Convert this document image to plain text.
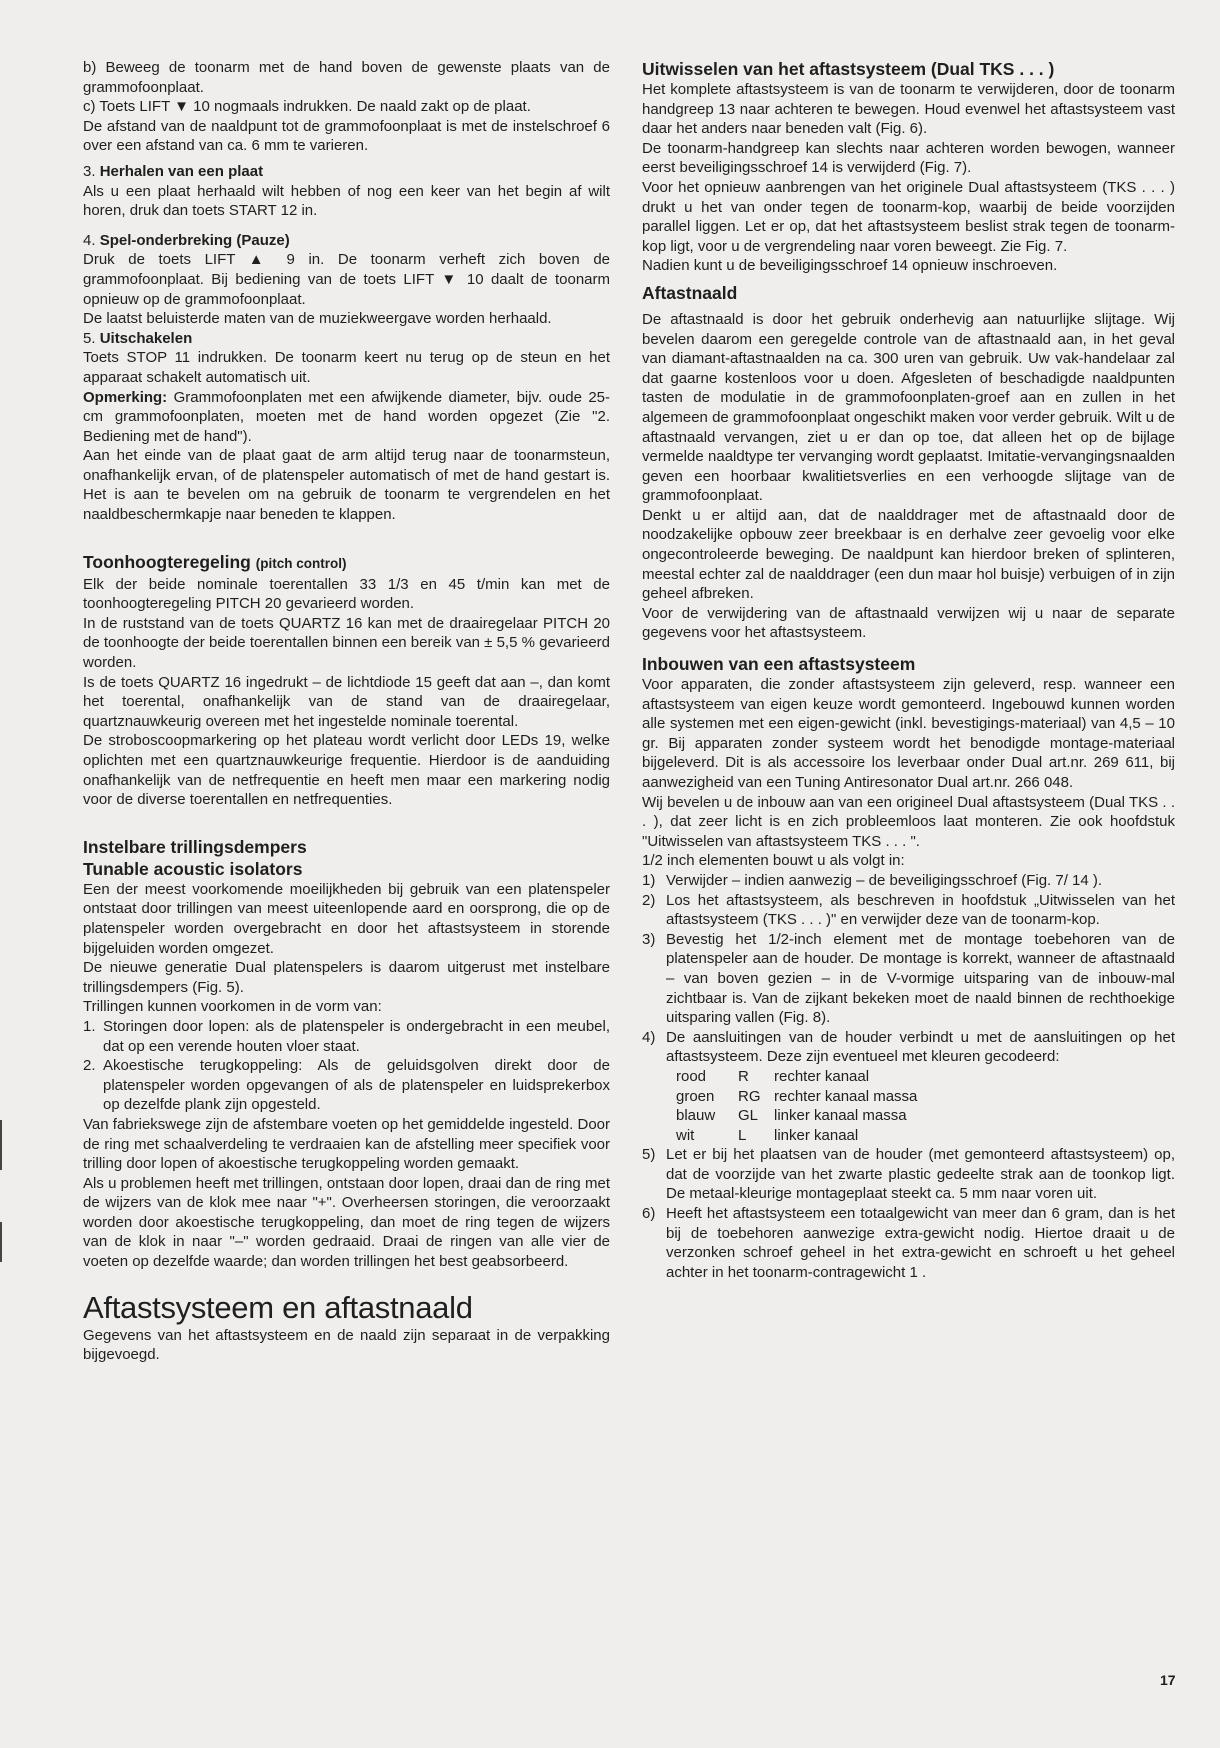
b) Beweeg de toonarm met de hand boven de gewenste plaats van de grammofoonplaat.

c) Toets LIFT ▼ 10 nogmaals indrukken. De naald zakt op de plaat.

De afstand van de naaldpunt tot de grammofoonplaat is met de instelschroef 6 over een afstand van ca. 6 mm te varieren.

3. Herhalen van een plaat

Als u een plaat herhaald wilt hebben of nog een keer van het begin af wilt horen, druk dan toets START 12 in.

4. Spel-onderbreking (Pauze)

Druk de toets LIFT ▲ 9 in. De toonarm verheft zich boven de grammofoonplaat. Bij bediening van de toets LIFT ▼ 10 daalt de toonarm opnieuw op de grammofoonplaat.

De laatst beluisterde maten van de muziekweergave worden herhaald.

5. Uitschakelen

Toets STOP 11 indrukken. De toonarm keert nu terug op de steun en het apparaat schakelt automatisch uit.

Opmerking: Grammofoonplaten met een afwijkende diameter, bijv. oude 25-cm grammofoonplaten, moeten met de hand worden opgezet (Zie "2. Bediening met de hand").

Aan het einde van de plaat gaat de arm altijd terug naar de toonarmsteun, onafhankelijk ervan, of de platenspeler automatisch of met de hand gestart is. Het is aan te bevelen om na gebruik de toonarm te vergrendelen en het naaldbeschermkapje naar beneden te klappen.

Toonhoogteregeling (pitch control)

Elk der beide nominale toerentallen 33 1/3 en 45 t/min kan met de toonhoogteregeling PITCH 20 gevarieerd worden.

In de ruststand van de toets QUARTZ 16 kan met de draairegelaar PITCH 20 de toonhoogte der beide toerentallen binnen een bereik van ± 5,5 % gevarieerd worden.

Is de toets QUARTZ 16 ingedrukt – de lichtdiode 15 geeft dat aan –, dan komt het toerental, onafhankelijk van de stand van de draairegelaar, quartznauwkeurig overeen met het ingestelde nominale toerental.

De stroboscoopmarkering op het plateau wordt verlicht door LEDs 19, welke oplichten met een quartznauwkeurige frequentie. Hierdoor is de aanduiding onafhankelijk van de netfrequentie en heeft men maar een markering nodig voor de diverse toerentallen en netfrequenties.

Instelbare trillingsdempers

Tunable acoustic isolators

Een der meest voorkomende moeilijkheden bij gebruik van een platenspeler ontstaat door trillingen van meest uiteenlopende aard en oorsprong, die op de platenspeler worden overgebracht en door het aftastsysteem in storende bijgeluiden worden omgezet.

De nieuwe generatie Dual platenspelers is daarom uitgerust met instelbare trillingsdempers (Fig. 5).

Trillingen kunnen voorkomen in de vorm van:

1. Storingen door lopen: als de platenspeler is ondergebracht in een meubel, dat op een verende houten vloer staat.
2. Akoestische terugkoppeling: Als de geluidsgolven direkt door de platenspeler worden opgevangen of als de platenspeler en luidsprekerbox op dezelfde plank zijn opgesteld.

Van fabriekswege zijn de afstembare voeten op het gemiddelde ingesteld. Door de ring met schaalverdeling te verdraaien kan de afstelling meer specifiek voor trilling door lopen of akoestische terugkoppeling worden gemaakt.

Als u problemen heeft met trillingen, ontstaan door lopen, draai dan de ring met de wijzers van de klok mee naar "+". Overheersen storingen, die veroorzaakt worden door akoestische terugkoppeling, dan moet de ring tegen de wijzers van de klok in naar "–" worden gedraaid. Draai de ringen van alle vier de voeten op dezelfde waarde; dan worden trillingen het best geabsorbeerd.

Aftastsysteem en aftastnaald

Gegevens van het aftastsysteem en de naald zijn separaat in de verpakking bijgevoegd.

Uitwisselen van het aftastsysteem (Dual TKS . . . )

Het komplete aftastsysteem is van de toonarm te verwijderen, door de toonarm handgreep 13 naar achteren te bewegen. Houd evenwel het aftastsysteem vast daar het anders naar beneden valt (Fig. 6).

De toonarm-handgreep kan slechts naar achteren worden bewogen, wanneer eerst beveiligingsschroef 14 is verwijderd (Fig. 7).

Voor het opnieuw aanbrengen van het originele Dual aftastsysteem (TKS . . . ) drukt u het van onder tegen de toonarm-kop, waarbij de beide voorzijden parallel liggen. Let er op, dat het aftastsysteem beslist strak tegen de toonarm-kop ligt, voor u de vergrendeling naar voren beweegt. Zie Fig. 7.

Nadien kunt u de beveiligingsschroef 14 opnieuw inschroeven.

Aftastnaald

De aftastnaald is door het gebruik onderhevig aan natuurlijke slijtage. Wij bevelen daarom een geregelde controle van de aftastnaald aan, in het geval van diamant-aftastnaalden na ca. 300 uren van gebruik. Uw vak-handelaar zal dat gaarne kostenloos voor u doen. Afgesleten of beschadigde naaldpunten tasten de modulatie in de grammofoonplaten-groef aan en zullen in het algemeen de grammofoonplaat ongeschikt maken voor verder gebruik. Wilt u de aftastnaald vervangen, ziet u er dan op toe, dat alleen het op de bijlage vermelde naaldtype ter vervanging wordt geplaatst. Imitatie-vervangingsnaalden geven een hoorbaar kwalitietsverlies en een verhoogde slijtage van de grammofoonplaat.

Denkt u er altijd aan, dat de naalddrager met de aftastnaald door de noodzakelijke opbouw zeer breekbaar is en derhalve zeer gevoelig voor elke ongecontroleerde beweging. De naaldpunt kan hierdoor breken of splinteren, meestal echter zal de naalddrager (een dun maar hol buisje) verbuigen of in zijn geheel afbreken.

Voor de verwijdering van de aftastnaald verwijzen wij u naar de separate gegevens voor het aftastsysteem.

Inbouwen van een aftastsysteem

Voor apparaten, die zonder aftastsysteem zijn geleverd, resp. wanneer een aftastsysteem van eigen keuze wordt gemonteerd. Ingebouwd kunnen worden alle systemen met een eigen-gewicht (inkl. bevestigings-materiaal) van 4,5 – 10 gr. Bij apparaten zonder systeem wordt het benodigde montage-materiaal bijgeleverd. Dit is als accessoire los leverbaar onder Dual art.nr. 269 611, bij aanwezigheid van een Tuning Antiresonator Dual art.nr. 266 048.

Wij bevelen u de inbouw aan van een origineel Dual aftastsysteem (Dual TKS . . . ), dat zeer licht is en zich probleemloos laat monteren. Zie ook hoofdstuk "Uitwisselen van aftastsysteem TKS . . . ".

1/2 inch elementen bouwt u als volgt in:

1) Verwijder – indien aanwezig – de beveiligingsschroef (Fig. 7/ 14 ).
2) Los het aftastsysteem, als beschreven in hoofdstuk „Uitwisselen van het aftastsysteem (TKS . . . )" en verwijder deze van de toonarm-kop.
3) Bevestig het 1/2-inch element met de montage toebehoren van de platenspeler aan de houder. De montage is korrekt, wanneer de aftastnaald – van boven gezien – in de V-vormige uitsparing van de inbouw-mal zichtbaar is. Van de zijkant bekeken moet de naald binnen de rechthoekige uitsparing vallen (Fig. 8).
4) De aansluitingen van de houder verbindt u met de aansluitingen op het aftastsysteem. Deze zijn eventueel met kleuren gecodeerd:
rood	R	rechter kanaal
groen	RG rechter kanaal massa
blauw	GL	linker kanaal massa
wit	L	linker kanaal
5) Let er bij het plaatsen van de houder (met gemonteerd aftastsysteem) op, dat de voorzijde van het zwarte plastic gedeelte strak aan de toonkop ligt. De metaal-kleurige montageplaat steekt ca. 5 mm naar voren uit.
6) Heeft het aftastsysteem een totaalgewicht van meer dan 6 gram, dan is het bij de toebehoren aanwezige extra-gewicht nodig. Hiertoe draait u de verzonken schroef geheel in het extra-gewicht en schroeft u het geheel achter in het toonarm-contragewicht 1 .
17
